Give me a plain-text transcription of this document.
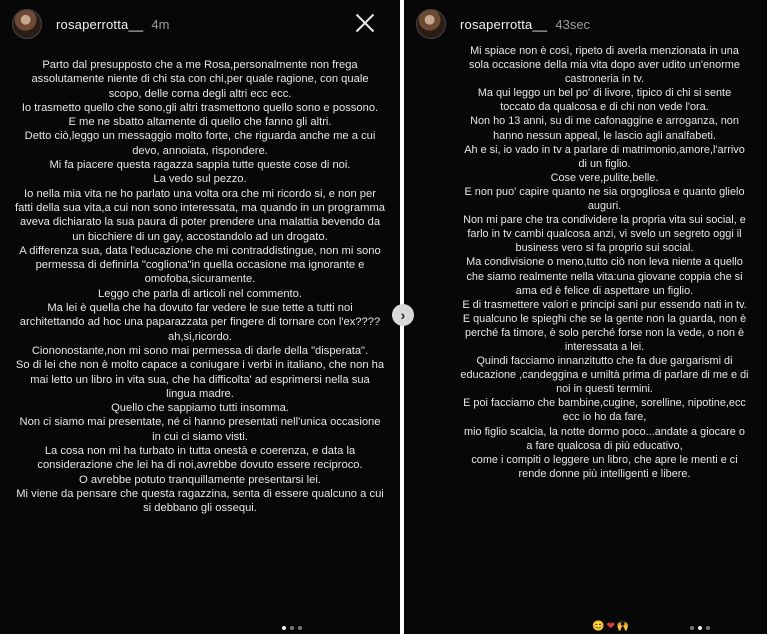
rosaperrotta__ 4m

Parto dal presupposto che a me Rosa,personalmente non frega assolutamente niente di chi sta con chi,per quale ragione, con quale scopo, delle corna degli altri ecc ecc.

Io trasmetto quello che sono,gli altri trasmettono quello sono e possono.

E me ne sbatto altamente di quello che fanno gli altri.

Detto ciò,leggo un messaggio molto forte, che riguarda anche me a cui devo, annoiata, rispondere.

Mi fa piacere questa ragazza sappia tutte queste cose di noi.

La vedo sul pezzo.

Io nella mia vita ne ho parlato una volta ora che mi ricordo si, e non per fatti della sua vita,a cui non sono interessata, ma quando in un programma aveva dichiarato la sua paura di poter prendere una malattia bevendo da un bicchiere di un gay, accostandolo ad un drogato.

A differenza sua, data l'educazione che mi contraddistingue, non mi sono permessa di definirla "cogliona"in quella occasione ma ignorante e omofoba,sicuramente.

Leggo che parla di articoli nel commento.

Ma lei è quella che ha dovuto far vedere le sue tette a tutti noi architettando ad hoc una paparazzata per fingere di tornare con l'ex????ah,si,ricordo.

Ciononostante,non mi sono mai permessa di darle della "disperata".

So di lei che non è molto capace a coniugare i verbi in italiano, che non ha mai letto un libro in vita sua, che ha difficolta' ad esprimersi nella sua lingua madre.

Quello che sappiamo tutti insomma.

Non ci siamo mai presentate, né ci hanno presentati nell'unica occasione in cui ci siamo visti.

La cosa non mi ha turbato in tutta onestà e coerenza, e data la considerazione che lei ha di noi,avrebbe dovuto essere reciproco.

O avrebbe potuto tranquillamente presentarsi lei.

Mi viene da pensare che questa ragazzina, senta di essere qualcuno a cui si debbano gli ossequi.

rosaperrotta__ 43sec

Mi spiace non è così, ripeto di averla menzionata in una sola occasione della mia vita dopo aver udito un'enorme castroneria in tv.

Ma qui leggo un bel po' di livore, tipico di chi si sente toccato da qualcosa e di chi non vede l'ora.

Non ho 13 anni, su di me cafonaggine e arroganza, non hanno nessun appeal, le lascio agli analfabeti.

Ah e si, io vado in tv a parlare di matrimonio,amore,l'arrivo di un figlio.

Cose vere,pulite,belle.

E non puo' capire quanto ne sia orgogliosa e quanto glielo auguri.

Non mi pare che tra condividere la propria vita sui social, e farlo in tv cambi qualcosa anzi, vi svelo un segreto oggi il business vero si fa proprio sui social.

Ma condivisione o meno,tutto ciò non leva niente a quello che siamo realmente nella vita:una giovane coppia che si ama ed è felice di aspettare un figlio.

E di trasmettere valori e principi sani pur essendo nati in tv.

E qualcuno le spieghi che se la gente non la guarda, non è perché fa timore, è solo perché forse non la vede, o non è interessata a lei.

Quindi facciamo innanzitutto che fa due gargarismi di educazione ,candeggina e umiltà prima di parlare di me e di noi in questi termini.

E poi facciamo che bambine,cugine, sorelline, nipotine,ecc ecc io ho da fare,

mio figlio scalcia, la notte dormo poco...andate a giocare o a fare qualcosa di più educativo,

come i compiti o leggere un libro, che apre le menti e ci rende donne più intelligenti e libere.

😊 ❤ 🙌
›
